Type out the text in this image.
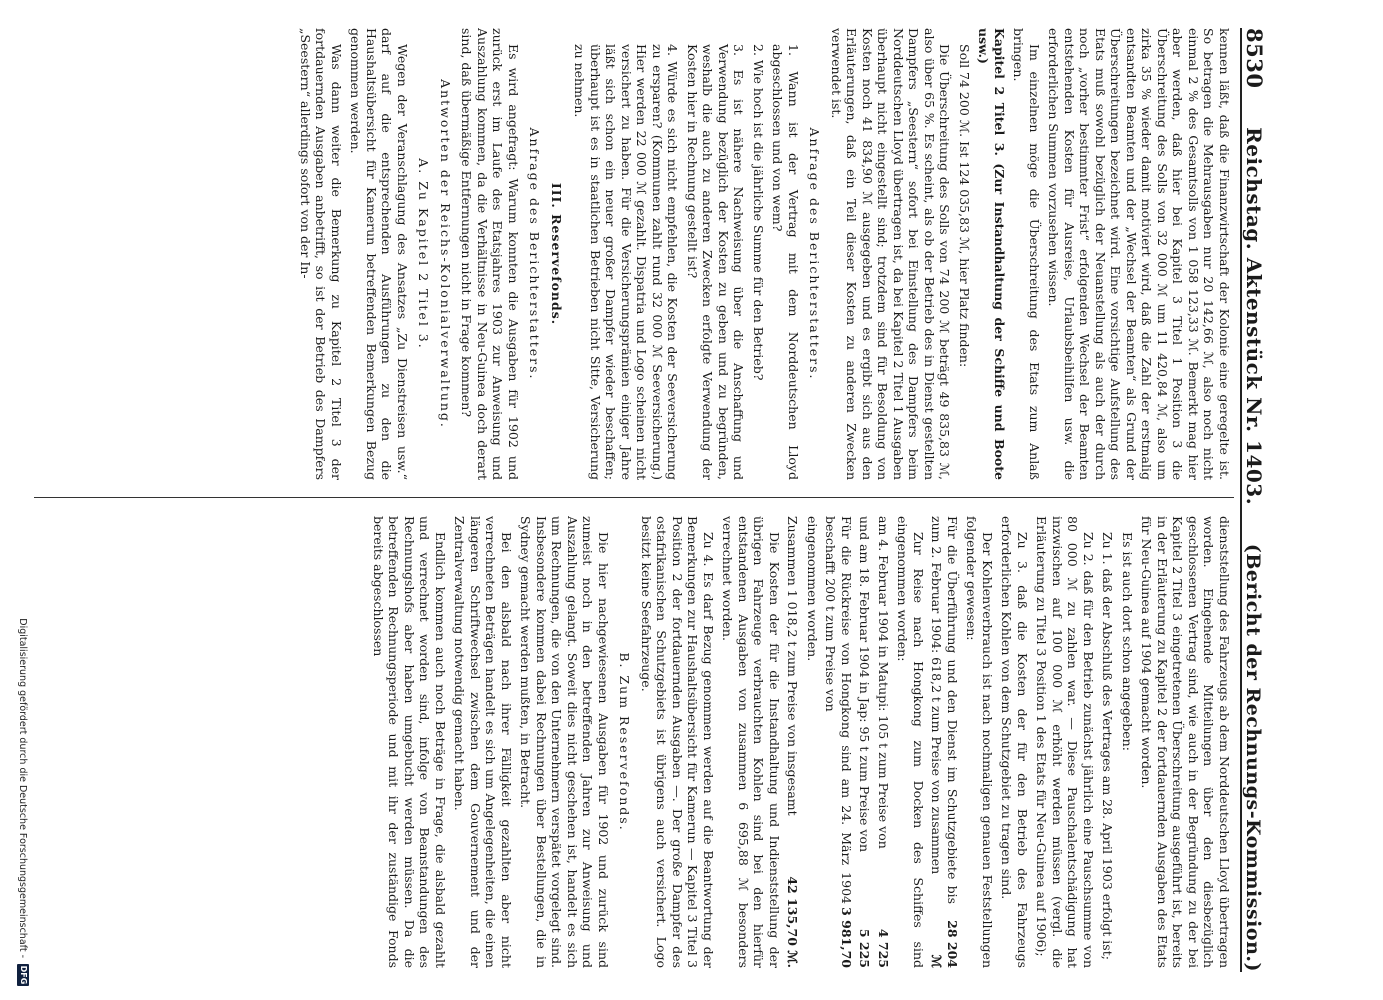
8530
Reichstag. Aktenstück Nr. 1403.
(Bericht der Rechnungs-Kommission.)

kennen läßt, daß die Finanzwirtschaft der Kolonie eine geregelte ist. So betragen die Mehrausgaben nur 20 142,66 ℳ, also noch nicht einmal 2 % des Gesamtsolls von 1 058 123,33 ℳ. Bemerkt mag hier aber werden, daß hier bei Kapitel 3 Titel 1 Position 3 die Überschreitung des Solls von 32 000 ℳ um 11 420,84 ℳ, also um zirka 35 % wieder damit motiviert wird, daß die Zahl der erstmalig entsandten Beamten und der „Wechsel der Beamten“ als Grund der Überschreitungen bezeichnet wird. Eine vorsichtige Aufstellung des Etats muß sowohl bezüglich der Neuanstellung als auch der durch noch „vorher bestimmter Frist“ erfolgenden Wechsel der Beamten entstehenden Kosten für Ausreise, Urlaubsbeihilfen usw. die erforderlichen Summen vorzusehen wissen.

Im einzelnen möge die Überschreitung des Etats zum Anlaß bringen.

Kapitel 2 Titel 3. (Zur Instandhaltung der Schiffe und Boote usw.)

Soll 74 200 ℳ. Ist 124 035,83 ℳ, hier Platz finden:

Die Überschreitung des Solls von 74 200 ℳ beträgt 49 835,83 ℳ, also über 65 %. Es scheint, als ob der Betrieb des in Dienst gestellten Dampfers „Seestern“ sofort bei Einstellung des Dampfers beim Norddeutschen Lloyd übertragen ist, da bei Kapitel 2 Titel 1 Ausgaben überhaupt nicht eingestellt sind; trotzdem sind für Besoldung von Kosten noch 41 834,90 ℳ ausgegeben und es ergibt sich aus den Erläuterungen, daß ein Teil dieser Kosten zu anderen Zwecken verwendet ist.

Anfrage des Berichterstatters.

1. Wann ist der Vertrag mit dem Norddeutschen Lloyd abgeschlossen und von wem?

2. Wie hoch ist die jährliche Summe für den Betrieb?

3. Es ist nähere Nachweisung über die Anschaffung und Verwendung bezüglich der Kosten zu geben und zu begründen, weshalb die auch zu anderen Zwecken erfolgte Verwendung der Kosten hier in Rechnung gestellt ist?

4. Würde es sich nicht empfehlen, die Kosten der Seeversicherung zu ersparen? (Kommunen zahlt rund 32 000 ℳ Seeversicherung.) Hier werden 22 000 ℳ gezahlt. Dispatria und Logo scheinen nicht versichert zu haben. Für die Versicherungsprämien einiger Jahre läßt sich schon ein neuer großer Dampfer wieder beschaffen; überhaupt ist es in staatlichen Betrieben nicht Sitte, Versicherung zu nehmen.

III. Reservefonds.

Anfrage des Berichterstatters.

Es wird angefragt: Warum konnten die Ausgaben für 1902 und zurück erst im Laufe des Etatsjahres 1903 zur Anweisung und Auszahlung kommen, da die Verhältnisse in Neu-Guinea doch derart sind, daß übermäßige Entfernungen nicht in Frage kommen?

Antworten der Reichs-Kolonialverwaltung.

A. Zu Kapitel 2 Titel 3.

Wegen der Veranschlagung des Ansatzes „Zu Dienstreisen usw.“ darf auf die entsprechenden Ausführungen zu den die Haushaltsübersicht für Kamerun betreffenden Bemerkungen Bezug genommen werden.

Was dann weiter die Bemerkung zu Kapitel 2 Titel 3 der fortdauernden Ausgaben anbetrifft, so ist der Betrieb des Dampfers „Seestern“ allerdings sofort von der In-

dienststellung des Fahrzeugs ab dem Norddeutschen Lloyd übertragen worden. Eingehende Mitteilungen über den diesbezüglich geschlossenen Vertrag sind, wie auch in der Begründung zu der bei Kapitel 2 Titel 3 eingetretenen Überschreitung ausgeführt ist, bereits in der Erläuterung zu Kapitel 2 der fortdauernden Ausgaben des Etats für Neu-Guinea auf 1904 gemacht worden.

Es ist auch dort schon angegeben:

Zu 1. daß der Abschluß des Vertrages am 28. April 1903 erfolgt ist;

Zu 2. daß für den Betrieb zunächst jährlich eine Pauschsumme von 80 000 ℳ zu zahlen war. — Diese Pauschalentschädigung hat inzwischen auf 100 000 ℳ erhöht werden müssen (vergl. die Erläuterung zu Titel 3 Position 1 des Etats für Neu-Guinea auf 1906);

Zu 3. daß die Kosten der für den Betrieb des Fahrzeugs erforderlichen Kohlen von dem Schutzgebiet zu tragen sind.

Der Kohlenverbrauch ist nach nochmaligen genauen Feststellungen folgender gewesen:

Für die Überführung und den Dienst im Schutzgebiete bis zum 2. Februar 1904: 618,2 t zum Preise von zusammen
28 204 ℳ

Zur Reise nach Hongkong zum Docken des Schiffes sind eingenommen worden:

am 4. Februar 1904 in Matupi: 105 t zum Preise von
4 725
und am 18. Februar 1904 in Jap: 95 t zum Preise von
5 225
Für die Rückreise von Hongkong sind am 24. März 1904 beschafft 200 t zum Preise von
3 981,70

eingenommen worden.

Zusammen 1 018,2 t zum Preise von insgesamt
42 135,70 ℳ.

Die Kosten der für die Instandhaltung und Indienststellung der übrigen Fahrzeuge verbrauchten Kohlen sind bei den hierfür entstandenen Ausgaben von zusammen 6 695,88 ℳ besonders verrechnet worden.

Zu 4. Es darf Bezug genommen werden auf die Beantwortung der Bemerkungen zur Haushaltsübersicht für Kamerun — Kapitel 3 Titel 3 Position 2 der fortdauernden Ausgaben —. Der große Dampfer des ostafrikanischen Schutzgebiets ist übrigens auch versichert. Logo besitzt keine Seefahrzeuge.

B. Zum Reservefonds.

Die hier nachgewiesenen Ausgaben für 1902 und zurück sind zumeist noch in den betreffenden Jahren zur Anweisung und Auszahlung gelangt. Soweit dies nicht geschehen ist, handelt es sich um Rechnungen, die von den Unternehmern verspätet vorgelegt sind. Insbesondere kommen dabei Rechnungen über Bestellungen, die in Sydney gemacht werden mußten, in Betracht.

Bei den alsbald nach ihrer Fälligkeit gezahlten aber nicht verrechneten Beträgen handelt es sich um Angelegenheiten, die einen längeren Schriftwechsel zwischen dem Gouvernement und der Zentralverwaltung notwendig gemacht haben.

Endlich kommen auch noch Beträge in Frage, die alsbald gezahlt und verrechnet worden sind, infolge von Beanstandungen des Rechnungshofs aber haben umgebucht werden müssen. Da die betreffenden Rechnungsperiode und mit ihr der zuständige Fonds bereits abgeschlossen

Digitalisierung gefördert durch die Deutsche Forschungsgemeinschaft -
DFG
